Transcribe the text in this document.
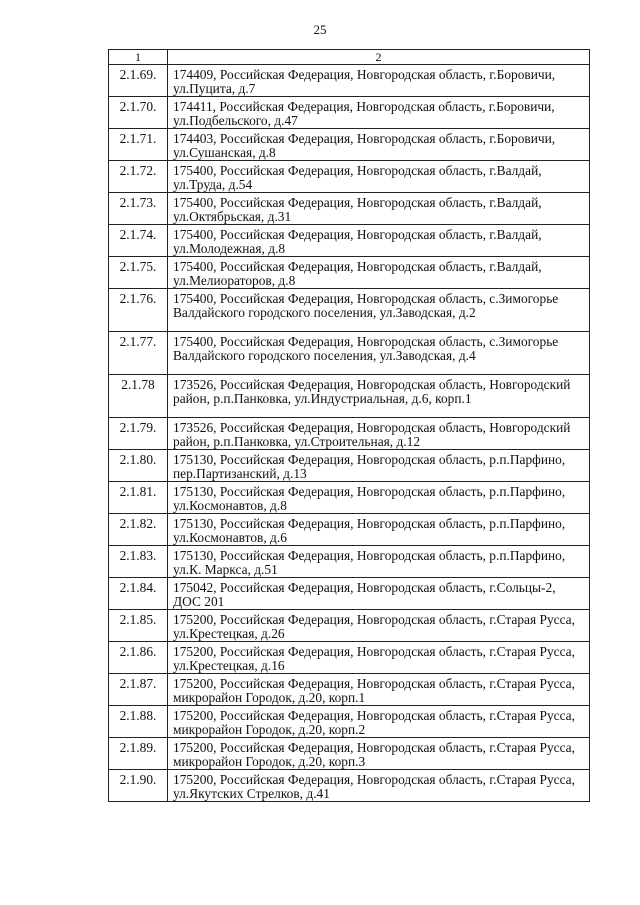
25
1	2
2.1.69.	174409, Российская Федерация, Новгородская область, г.Боровичи, ул.Пуцита, д.7
2.1.70.	174411, Российская Федерация, Новгородская область, г.Боровичи, ул.Подбельского, д.47
2.1.71.	174403, Российская Федерация, Новгородская область, г.Боровичи, ул.Сушанская, д.8
2.1.72.	175400, Российская Федерация, Новгородская область, г.Валдай, ул.Труда, д.54
2.1.73.	175400, Российская Федерация, Новгородская область, г.Валдай, ул.Октябрьская, д.31
2.1.74.	175400, Российская Федерация, Новгородская область, г.Валдай, ул.Молодежная, д.8
2.1.75.	175400, Российская Федерация, Новгородская область, г.Валдай, ул.Мелиораторов, д.8
2.1.76.	175400, Российская Федерация, Новгородская область, с.Зимогорье Валдайского городского поселения, ул.Заводская, д.2
2.1.77.	175400, Российская Федерация, Новгородская область, с.Зимогорье Валдайского городского поселения, ул.Заводская, д.4
2.1.78	173526, Российская Федерация, Новгородская область, Новгородский район, р.п.Панковка, ул.Индустриальная, д.6, корп.1
2.1.79.	173526, Российская Федерация, Новгородская область, Новгородский район, р.п.Панковка, ул.Строительная, д.12
2.1.80.	175130, Российская Федерация, Новгородская область, р.п.Парфино, пер.Партизанский, д.13
2.1.81.	175130, Российская Федерация, Новгородская область, р.п.Парфино, ул.Космонавтов, д.8
2.1.82.	175130, Российская Федерация, Новгородская область, р.п.Парфино, ул.Космонавтов, д.6
2.1.83.	175130, Российская Федерация, Новгородская область, р.п.Парфино, ул.К. Маркса, д.51
2.1.84.	175042, Российская Федерация, Новгородская область, г.Сольцы-2, ДОС 201
2.1.85.	175200, Российская Федерация, Новгородская область, г.Старая Русса, ул.Крестецкая, д.26
2.1.86.	175200, Российская Федерация, Новгородская область, г.Старая Русса, ул.Крестецкая, д.16
2.1.87.	175200, Российская Федерация, Новгородская область, г.Старая Русса, микрорайон Городок, д.20, корп.1
2.1.88.	175200, Российская Федерация, Новгородская область, г.Старая Русса, микрорайон Городок, д.20, корп.2
2.1.89.	175200, Российская Федерация, Новгородская область, г.Старая Русса, микрорайон Городок, д.20, корп.3
2.1.90.	175200, Российская Федерация, Новгородская область, г.Старая Русса, ул.Якутских Стрелков, д.41
